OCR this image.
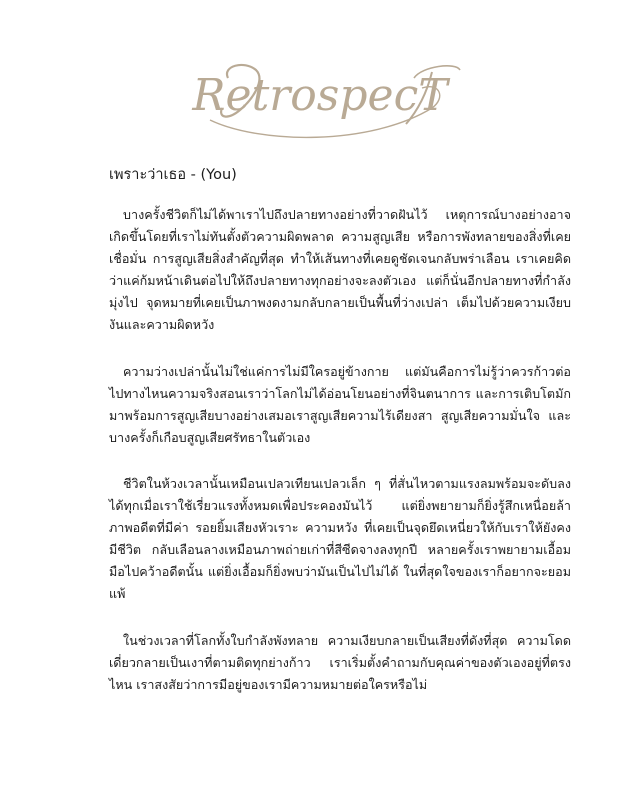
RetrospecT
เพราะว่าเธอ - (You)

บางครั้งชีวิตก็ไม่ได้พาเราไปถึงปลายทางอย่างที่วาดฝันไว้ เหตุการณ์บางอย่างอาจเกิดขึ้นโดยที่เราไม่ทันตั้งตัวความผิดพลาด ความสูญเสีย หรือการพังทลายของสิ่งที่เคยเชื่อมั่น การสูญเสียสิ่งสำคัญที่สุด ทำให้เส้นทางที่เคยดูชัดเจนกลับพร่าเลือน เราเคยคิดว่าแค่ก้มหน้าเดินต่อไปให้ถึงปลายทางทุกอย่างจะลงตัวเอง แต่ก็นั่นอีกปลายทางที่กำลังมุ่งไป จุดหมายที่เคยเป็นภาพงดงามกลับกลายเป็นพื้นที่ว่างเปล่า เต็มไปด้วยความเงียบงันและความผิดหวัง

ความว่างเปล่านั้นไม่ใช่แค่การไม่มีใครอยู่ข้างกาย แต่มันคือการไม่รู้ว่าควรก้าวต่อไปทางไหนความจริงสอนเราว่าโลกไม่ได้อ่อนโยนอย่างที่จินตนาการ และการเติบโตมักมาพร้อมการสูญเสียบางอย่างเสมอเราสูญเสียความไร้เดียงสา สูญเสียความมั่นใจ และบางครั้งก็เกือบสูญเสียศรัทธาในตัวเอง

ชีวิตในห้วงเวลานั้นเหมือนเปลวเทียนเปลวเล็ก ๆ ที่สั่นไหวตามแรงลมพร้อมจะดับลงได้ทุกเมื่อเราใช้เรี่ยวแรงทั้งหมดเพื่อประคองมันไว้ แต่ยิ่งพยายามก็ยิ่งรู้สึกเหนื่อยล้า ภาพอดีตที่มีค่า รอยยิ้มเสียงหัวเราะ ความหวัง ที่เคยเป็นจุดยึดเหนี่ยวให้กับเราให้ยังคงมีชีวิต กลับเลือนลางเหมือนภาพถ่ายเก่าที่สีซีดจางลงทุกปี หลายครั้งเราพยายามเอื้อมมือไปคว้าอดีตนั้น แต่ยิ่งเอื้อมก็ยิ่งพบว่ามันเป็นไปไม่ได้ ในที่สุดใจของเราก็อยากจะยอมแพ้

ในช่วงเวลาที่โลกทั้งใบกำลังพังทลาย ความเงียบกลายเป็นเสียงที่ดังที่สุด ความโดดเดี่ยวกลายเป็นเงาที่ตามติดทุกย่างก้าว เราเริ่มตั้งคำถามกับคุณค่าของตัวเองอยู่ที่ตรงไหน เราสงสัยว่าการมีอยู่ของเรามีความหมายต่อใครหรือไม่
